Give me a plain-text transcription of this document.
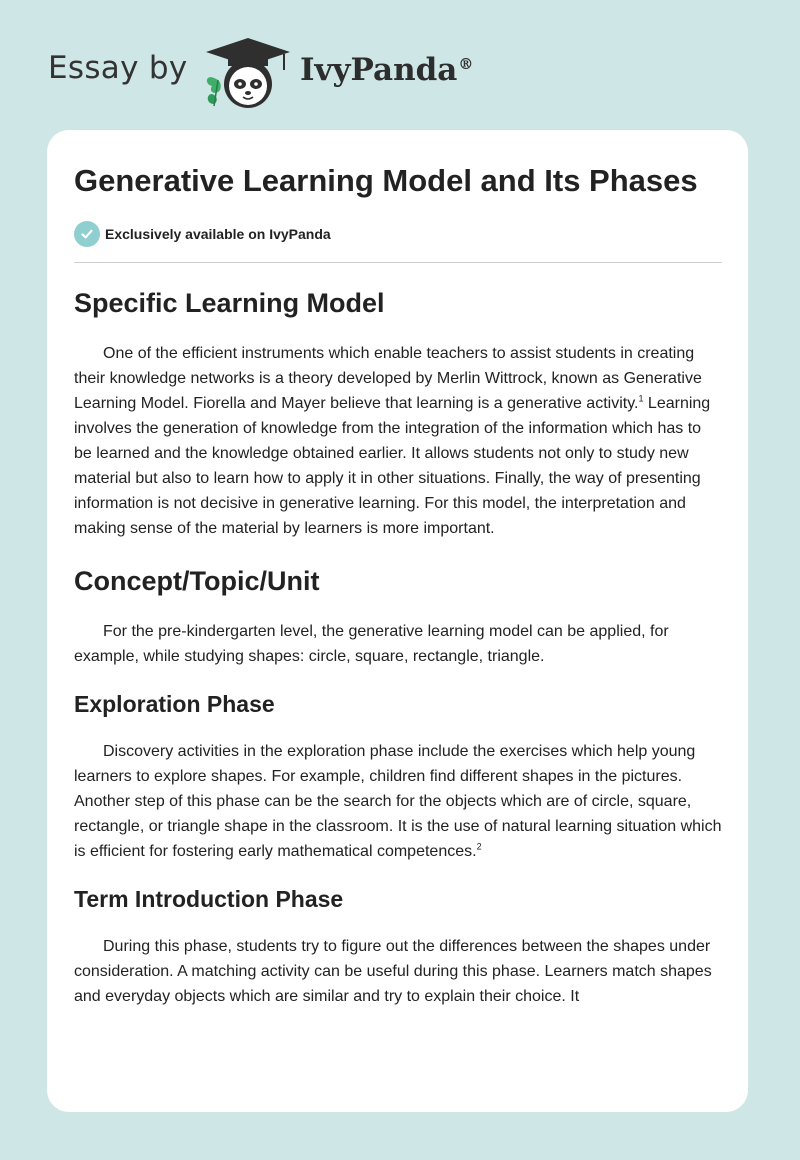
Essay by	IvyPanda®
Generative Learning Model and Its Phases
Exclusively available on IvyPanda
Specific Learning Model

One of the efficient instruments which enable teachers to assist students in creating their knowledge networks is a theory developed by Merlin Wittrock, known as Generative Learning Model. Fiorella and Mayer believe that learning is a generative activity.$^1$ Learning involves the generation of knowledge from the integration of the information which has to be learned and the knowledge obtained earlier. It allows students not only to study new material but also to learn how to apply it in other situations. Finally, the way of presenting information is not decisive in generative learning. For this model, the interpretation and making sense of the material by learners is more important.

Concept/Topic/Unit

For the pre-kindergarten level, the generative learning model can be applied, for example, while studying shapes: circle, square, rectangle, triangle.

Exploration Phase

Discovery activities in the exploration phase include the exercises which help young learners to explore shapes. For example, children find different shapes in the pictures. Another step of this phase can be the search for the objects which are of circle, square, rectangle, or triangle shape in the classroom. It is the use of natural learning situation which is efficient for fostering early mathematical competences.$^2$

Term Introduction Phase

During this phase, students try to figure out the differences between the shapes under consideration. A matching activity can be useful during this phase. Learners match shapes and everyday objects which are similar and try to explain their choice. It
